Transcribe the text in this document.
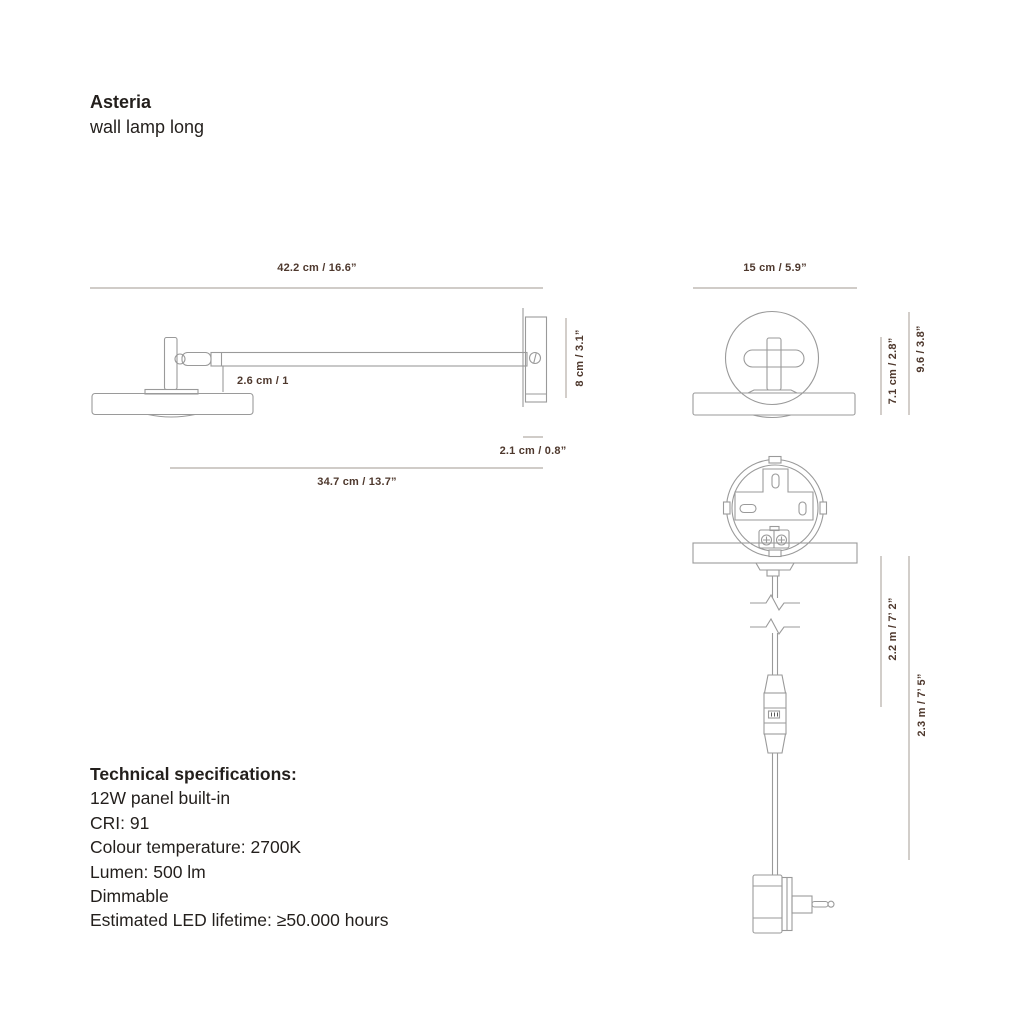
Asteria
wall lamp long
42.2 cm / 16.6”
2.6 cm / 1	8 cm / 3.1”
2.1 cm / 0.8”
34.7 cm / 13.7”
15 cm / 5.9”
7.1 cm / 2.8” 9.6 / 3.8”
2.2 m / 7’ 2”
2.3 m / 7’ 5”
Technical specifications:
12W panel built-in
CRI: 91
Colour temperature: 2700K
Lumen: 500 lm
Dimmable
Estimated LED lifetime: ≥50.000 hours
